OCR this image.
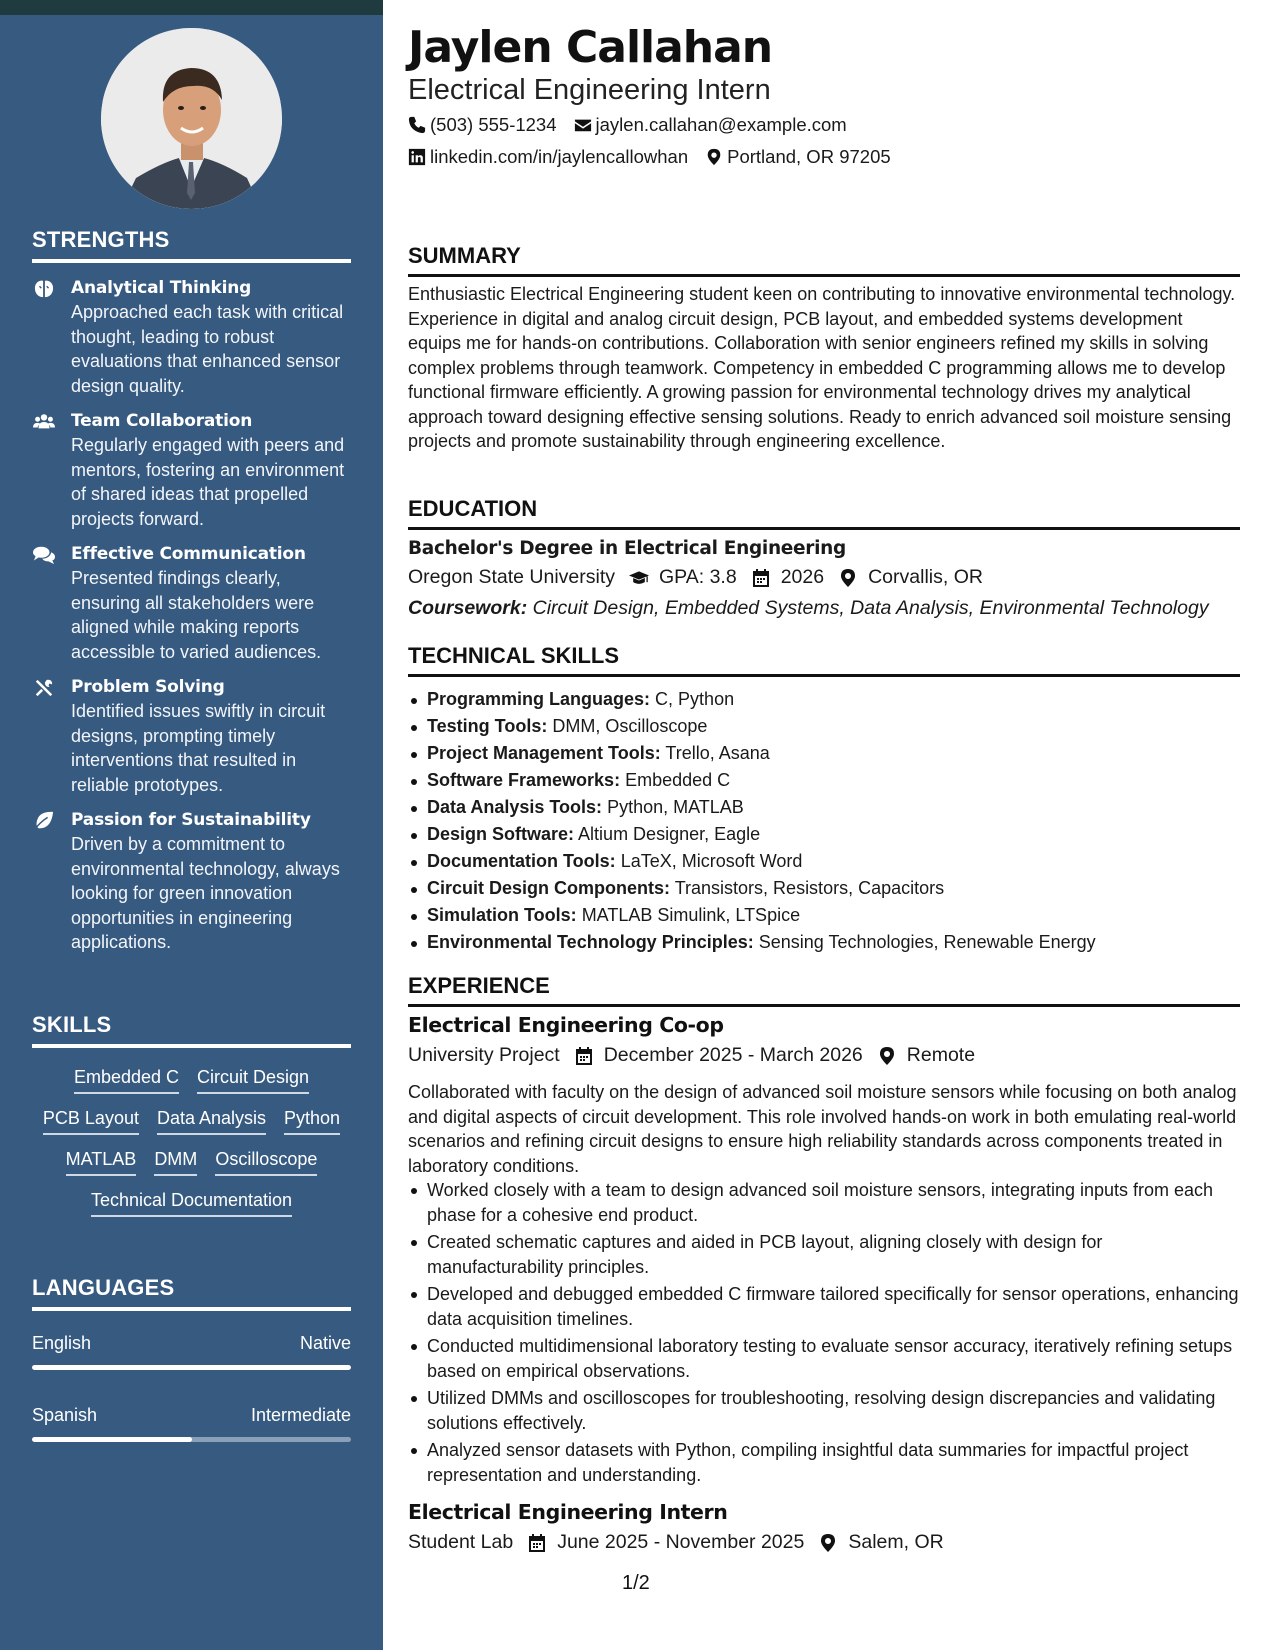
STRENGTHS
Analytical Thinking
Approached each task with critical thought, leading to robust evaluations that enhanced sensor design quality.
Team Collaboration
Regularly engaged with peers and mentors, fostering an environment of shared ideas that propelled projects forward.
Effective Communication
Presented findings clearly, ensuring all stakeholders were aligned while making reports accessible to varied audiences.
Problem Solving
Identified issues swiftly in circuit designs, prompting timely interventions that resulted in reliable prototypes.
Passion for Sustainability
Driven by a commitment to environmental technology, always looking for green innovation opportunities in engineering applications.
SKILLS
Embedded C Circuit Design
PCB Layout Data Analysis Python
MATLAB DMM Oscilloscope
Technical Documentation
LANGUAGES
English	Native
Spanish	Intermediate
Jaylen Callahan
Electrical Engineering Intern
(503) 555-1234 jaylen.callahan@example.com
linkedin.com/in/jaylencallowhan Portland, OR 97205
SUMMARY

Enthusiastic Electrical Engineering student keen on contributing to innovative environmental technology. Experience in digital and analog circuit design, PCB layout, and embedded systems development equips me for hands-on contributions. Collaboration with senior engineers refined my skills in solving complex problems through teamwork. Competency in embedded C programming allows me to develop functional firmware efficiently. A growing passion for environmental technology drives my analytical approach toward designing effective sensing solutions. Ready to enrich advanced soil moisture sensing projects and promote sustainability through engineering excellence.

EDUCATION
Bachelor's Degree in Electrical Engineering
Oregon State University GPA: 3.8 2026 Corvallis, OR
Coursework: Circuit Design, Embedded Systems, Data Analysis, Environmental Technology
TECHNICAL SKILLS
Programming Languages: C, Python
Testing Tools: DMM, Oscilloscope
Project Management Tools: Trello, Asana
Software Frameworks: Embedded C
Data Analysis Tools: Python, MATLAB
Design Software: Altium Designer, Eagle
Documentation Tools: LaTeX, Microsoft Word
Circuit Design Components: Transistors, Resistors, Capacitors
Simulation Tools: MATLAB Simulink, LTSpice
Environmental Technology Principles: Sensing Technologies, Renewable Energy
EXPERIENCE
Electrical Engineering Co-op
University Project December 2025 - March 2026 Remote

Collaborated with faculty on the design of advanced soil moisture sensors while focusing on both analog and digital aspects of circuit development. This role involved hands-on work in both emulating real-world scenarios and refining circuit designs to ensure high reliability standards across components treated in laboratory conditions.

Worked closely with a team to design advanced soil moisture sensors, integrating inputs from each phase for a cohesive end product.
Created schematic captures and aided in PCB layout, aligning closely with design for manufacturability principles.
Developed and debugged embedded C firmware tailored specifically for sensor operations, enhancing data acquisition timelines.
Conducted multidimensional laboratory testing to evaluate sensor accuracy, iteratively refining setups based on empirical observations.
Utilized DMMs and oscilloscopes for troubleshooting, resolving design discrepancies and validating solutions effectively.
Analyzed sensor datasets with Python, compiling insightful data summaries for impactful project representation and understanding.
Electrical Engineering Intern
Student Lab June 2025 - November 2025 Salem, OR
1/2
